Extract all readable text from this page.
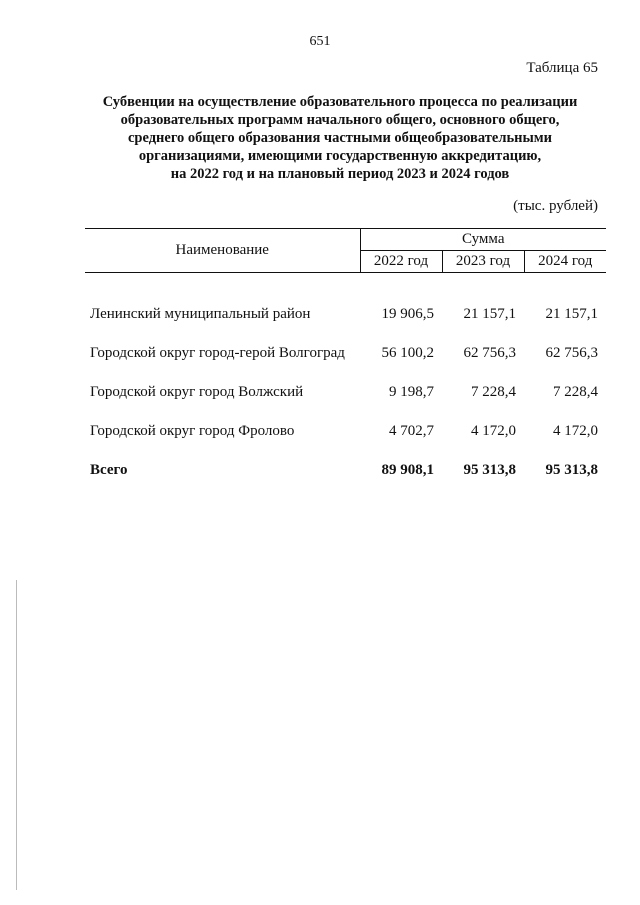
651
Таблица 65
Субвенции на осуществление образовательного процесса по реализации
образовательных программ начального общего, основного общего,
среднего общего образования частными общеобразовательными
организациями, имеющими государственную аккредитацию,
на 2022 год и на плановый период 2023 и 2024 годов
(тыс. рублей)
Наименование	Сумма		
	2022 год	2023 год	2024 год
Ленинский муниципальный район	19 906,5	21 157,1	21 157,1
Городской округ город-герой Волгоград	56 100,2	62 756,3	62 756,3
Городской округ город Волжский	9 198,7	7 228,4	7 228,4
Городской округ город Фролово	4 702,7	4 172,0	4 172,0
Всего	89 908,1	95 313,8	95 313,8
